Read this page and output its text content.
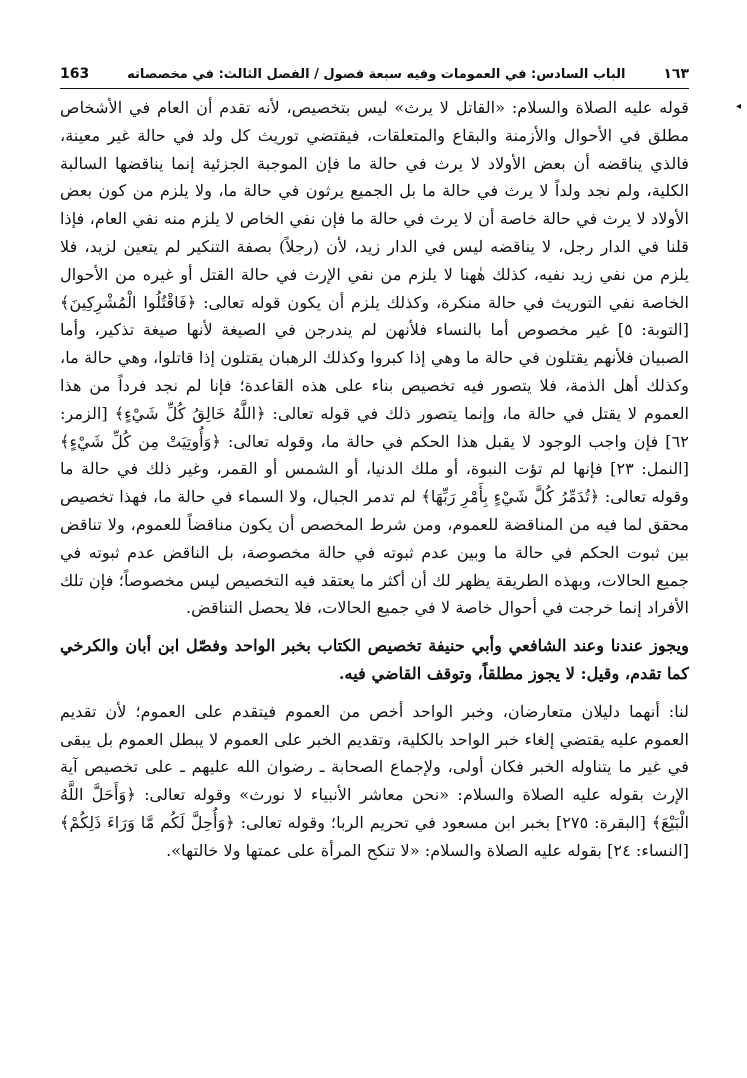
163	الباب السادس: في العمومات وفيه سبعة فصول / الفصل الثالث: في مخصصاته	١٦٣
◂

قوله عليه الصلاة والسلام: «القاتل لا يرث» ليس بتخصيص، لأنه تقدم أن العام في الأشخاص مطلق في الأحوال والأزمنة والبقاع والمتعلقات، فيقتضي توريث كل ولد في حالة غير معينة، فالذي يناقضه أن بعض الأولاد لا يرث في حالة ما فإن الموجبة الجزئية إنما يناقضها السالبة الكلية، ولم نجد ولداً لا يرث في حالة ما بل الجميع يرثون في حالة ما، ولا يلزم من كون بعض الأولاد لا يرث في حالة خاصة أن لا يرث في حالة ما فإن نفي الخاص لا يلزم منه نفي العام، فإذا قلنا في الدار رجل، لا يناقضه ليس في الدار زيد، لأن (رجلاً) بصفة التنكير لم يتعين لزيد، فلا يلزم من نفي زيد نفيه، كذلك هٰهنا لا يلزم من نفي الإرث في حالة القتل أو غيره من الأحوال الخاصة نفي التوريث في حالة منكرة، وكذلك يلزم أن يكون قوله تعالى: ﴿فَاقْتُلُوا الْمُشْرِكِينَ﴾ [التوبة: ٥] غير مخصوص أما بالنساء فلأنهن لم يندرجن في الصيغة لأنها صيغة تذكير، وأما الصبيان فلأنهم يقتلون في حالة ما وهي إذا كبروا وكذلك الرهبان يقتلون إذا قاتلوا، وهي حالة ما، وكذلك أهل الذمة، فلا يتصور فيه تخصيص بناء على هذه القاعدة؛ فإنا لم نجد فرداً من هذا العموم لا يقتل في حالة ما، وإنما يتصور ذلك في قوله تعالى: ﴿اللَّهُ خَالِقُ كُلِّ شَيْءٍ﴾ [الزمر: ٦٢] فإن واجب الوجود لا يقبل هذا الحكم في حالة ما، وقوله تعالى: ﴿وَأُوتِيَتْ مِن كُلِّ شَيْءٍ﴾ [النمل: ٢٣] فإنها لم تؤت النبوة، أو ملك الدنيا، أو الشمس أو القمر، وغير ذلك في حالة ما وقوله تعالى: ﴿تُدَمِّرُ كُلَّ شَيْءٍ بِأَمْرِ رَبِّهَا﴾ لم تدمر الجبال، ولا السماء في حالة ما، فهذا تخصيص محقق لما فيه من المناقضة للعموم، ومن شرط المخصص أن يكون مناقضاً للعموم، ولا تناقض بين ثبوت الحكم في حالة ما وبين عدم ثبوته في حالة مخصوصة، بل الناقض عدم ثبوته في جميع الحالات، وبهذه الطريقة يظهر لك أن أكثر ما يعتقد فيه التخصيص ليس مخصوصاً؛ فإن تلك الأفراد إنما خرجت في أحوال خاصة لا في جميع الحالات، فلا يحصل التناقض.

ويجوز عندنا وعند الشافعي وأبي حنيفة تخصيص الكتاب بخبر الواحد وفصّل ابن أبان والكرخي كما تقدم، وقيل: لا يجوز مطلقاً، وتوقف القاضي فيه.

لنا: أنهما دليلان متعارضان، وخبر الواحد أخص من العموم فيتقدم على العموم؛ لأن تقديم العموم عليه يقتضي إلغاء خبر الواحد بالكلية، وتقديم الخبر على العموم لا يبطل العموم بل يبقى في غير ما يتناوله الخبر فكان أولى، ولإجماع الصحابة ـ رضوان الله عليهم ـ على تخصيص آية الإرث بقوله عليه الصلاة والسلام: «نحن معاشر الأنبياء لا نورث» وقوله تعالى: ﴿وَأَحَلَّ اللَّهُ الْبَيْعَ﴾ [البقرة: ٢٧٥] بخبر ابن مسعود في تحريم الربا؛ وقوله تعالى: ﴿وَأُحِلَّ لَكُم مَّا وَرَاءَ ذَلِكُمْ﴾ [النساء: ٢٤] بقوله عليه الصلاة والسلام: «لا تنكح المرأة على عمتها ولا خالتها».
